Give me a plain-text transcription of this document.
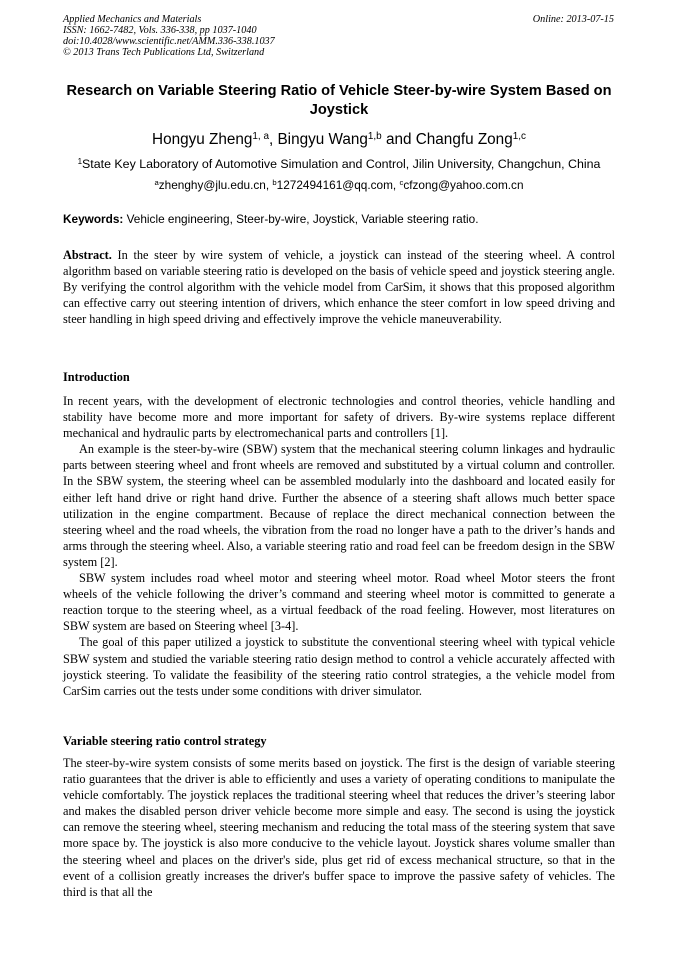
Applied Mechanics and Materials
ISSN: 1662-7482, Vols. 336-338, pp 1037-1040
doi:10.4028/www.scientific.net/AMM.336-338.1037
© 2013 Trans Tech Publications Ltd, Switzerland
Online: 2013-07-15
Research on Variable Steering Ratio of Vehicle Steer-by-wire System Based on Joystick
Hongyu Zheng$^{1, a}$, Bingyu Wang$^{1,b}$ and Changfu Zong$^{1,c}$
$^1$State Key Laboratory of Automotive Simulation and Control, Jilin University, Changchun, China
$^a$zhenghy@jlu.edu.cn, $^b$1272494161@qq.com, $^c$cfzong@yahoo.com.cn
Keywords: Vehicle engineering, Steer-by-wire, Joystick, Variable steering ratio.
Abstract. In the steer by wire system of vehicle, a joystick can instead of the steering wheel. A control algorithm based on variable steering ratio is developed on the basis of vehicle speed and joystick steering angle. By verifying the control algorithm with the vehicle model from CarSim, it shows that this proposed algorithm can effective carry out steering intention of drivers, which enhance the steer comfort in low speed driving and steer handling in high speed driving and effectively improve the vehicle maneuverability.
Introduction

In recent years, with the development of electronic technologies and control theories, vehicle handling and stability have become more and more important for safety of drivers. By-wire systems replace different mechanical and hydraulic parts by electromechanical parts and controllers [1].

An example is the steer-by-wire (SBW) system that the mechanical steering column linkages and hydraulic parts between steering wheel and front wheels are removed and substituted by a virtual column and controller. In the SBW system, the steering wheel can be assembled modularly into the dashboard and located easily for either left hand drive or right hand drive. Further the absence of a steering shaft allows much better space utilization in the engine compartment. Because of replace the direct mechanical connection between the steering wheel and the road wheels, the vibration from the road no longer have a path to the driver’s hands and arms through the steering wheel. Also, a variable steering ratio and road feel can be freedom design in the SBW system [2].

SBW system includes road wheel motor and steering wheel motor. Road wheel Motor steers the front wheels of the vehicle following the driver’s command and steering wheel motor is committed to generate a reaction torque to the steering wheel, as a virtual feedback of the road feeling. However, most literatures on SBW system are based on Steering wheel [3-4].

The goal of this paper utilized a joystick to substitute the conventional steering wheel with typical vehicle SBW system and studied the variable steering ratio design method to control a vehicle accurately affected with joystick steering. To validate the feasibility of the steering ratio control strategies, a the vehicle model from CarSim carries out the tests under some conditions with driver simulator.

Variable steering ratio control strategy

The steer-by-wire system consists of some merits based on joystick. The first is the design of variable steering ratio guarantees that the driver is able to efficiently and uses a variety of operating conditions to manipulate the vehicle comfortably. The joystick replaces the traditional steering wheel that reduces the driver’s steering labor and makes the disabled person driver vehicle become more simple and easy. The second is using the joystick can remove the steering wheel, steering mechanism and reducing the total mass of the steering system that save more space by. The joystick is also more conducive to the vehicle layout. Joystick shares volume smaller than the steering wheel and places on the driver's side, plus get rid of excess mechanical structure, so that in the event of a collision greatly increases the driver's buffer space to improve the passive safety of vehicles. The third is that all the
